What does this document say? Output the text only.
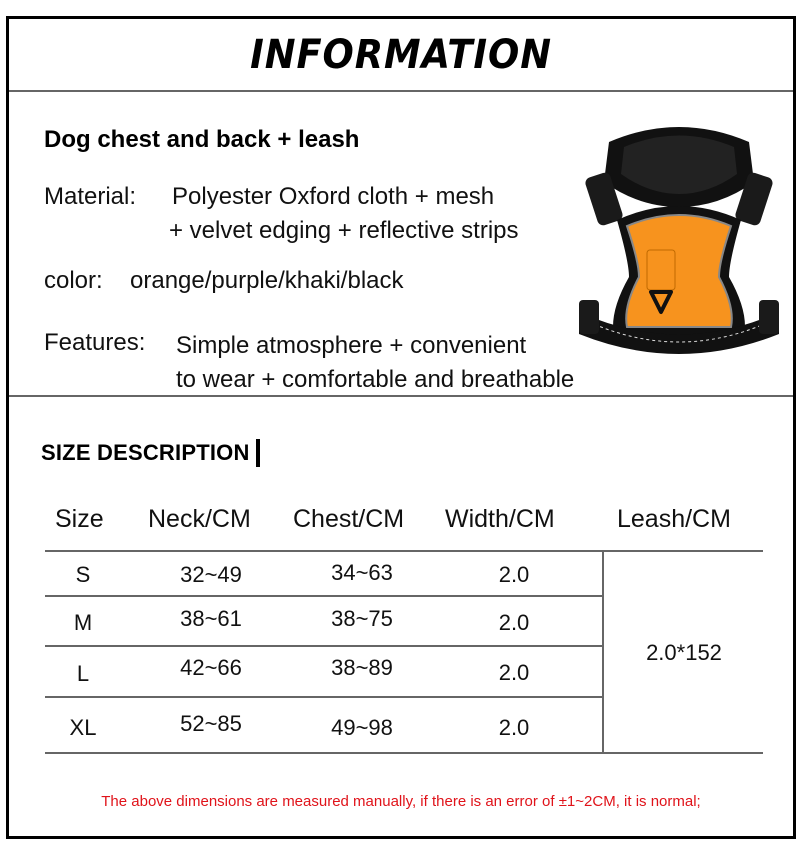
INFORMATION
Dog chest and back + leash
Material: Polyester Oxford cloth + mesh
+ velvet edging + reflective strips
color: orange/purple/khaki/black
Features: Simple atmosphere + convenient
to wear + comfortable and breathable
SIZE DESCRIPTION
Size Neck/CM Chest/CM Width/CM Leash/CM
S	32~49	34~63	2.0
M	38~61	38~75	2.0
L	42~66	38~89	2.0
XL	52~85	49~98	2.0
2.0*152
The above dimensions are measured manually, if there is an error of ±1~2CM, it is normal;
